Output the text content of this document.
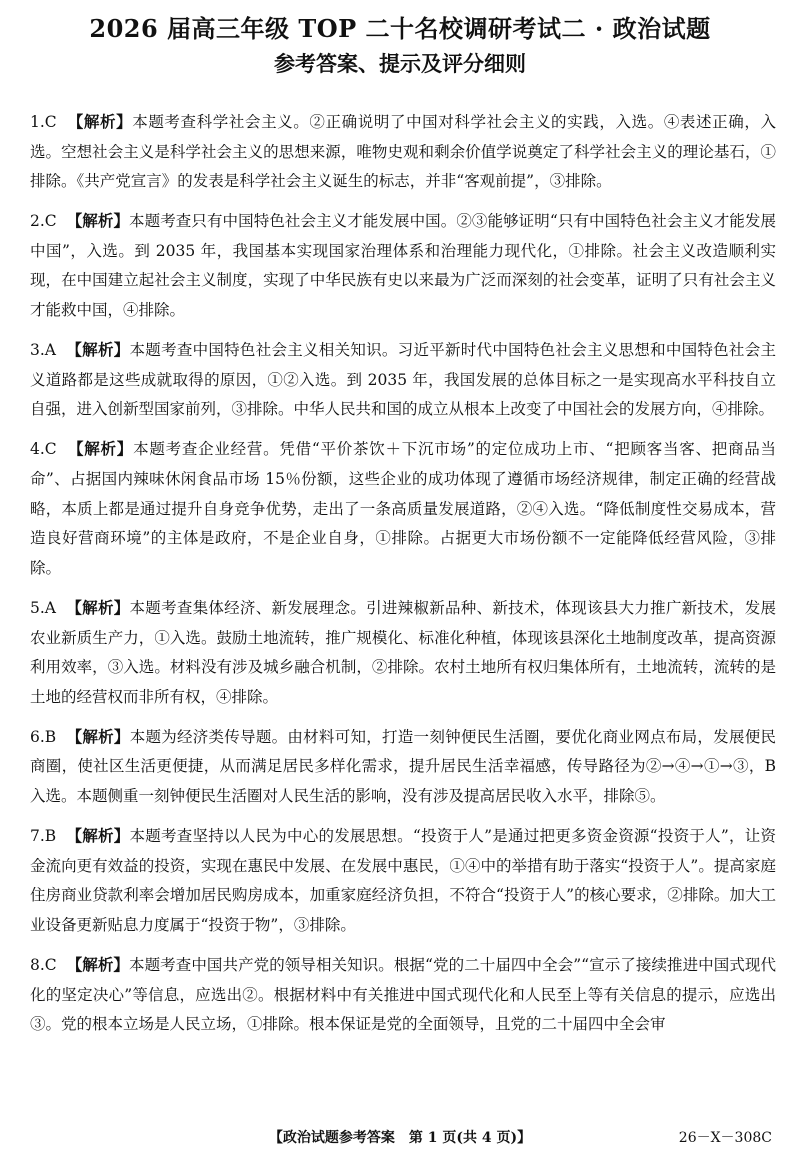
2026 届高三年级 TOP 二十名校调研考试二 · 政治试题
参考答案、提示及评分细则
1.C 【解析】本题考查科学社会主义。②正确说明了中国对科学社会主义的实践，入选。④表述正确，入选。空想社会主义是科学社会主义的思想来源，唯物史观和剩余价值学说奠定了科学社会主义的理论基石，①排除。《共产党宣言》的发表是科学社会主义诞生的标志，并非“客观前提”，③排除。
2.C 【解析】本题考查只有中国特色社会主义才能发展中国。②③能够证明“只有中国特色社会主义才能发展中国”，入选。到 2035 年，我国基本实现国家治理体系和治理能力现代化，①排除。社会主义改造顺利实现，在中国建立起社会主义制度，实现了中华民族有史以来最为广泛而深刻的社会变革，证明了只有社会主义才能救中国，④排除。
3.A 【解析】本题考查中国特色社会主义相关知识。习近平新时代中国特色社会主义思想和中国特色社会主义道路都是这些成就取得的原因，①②入选。到 2035 年，我国发展的总体目标之一是实现高水平科技自立自强，进入创新型国家前列，③排除。中华人民共和国的成立从根本上改变了中国社会的发展方向，④排除。
4.C 【解析】本题考查企业经营。凭借“平价茶饮＋下沉市场”的定位成功上市、“把顾客当客、把商品当命”、占据国内辣味休闲食品市场 15％份额，这些企业的成功体现了遵循市场经济规律，制定正确的经营战略，本质上都是通过提升自身竞争优势，走出了一条高质量发展道路，②④入选。“降低制度性交易成本，营造良好营商环境”的主体是政府，不是企业自身，①排除。占据更大市场份额不一定能降低经营风险，③排除。
5.A 【解析】本题考查集体经济、新发展理念。引进辣椒新品种、新技术，体现该县大力推广新技术，发展农业新质生产力，①入选。鼓励土地流转，推广规模化、标准化种植，体现该县深化土地制度改革，提高资源利用效率，③入选。材料没有涉及城乡融合机制，②排除。农村土地所有权归集体所有，土地流转，流转的是土地的经营权而非所有权，④排除。
6.B 【解析】本题为经济类传导题。由材料可知，打造一刻钟便民生活圈，要优化商业网点布局，发展便民商圈，使社区生活更便捷，从而满足居民多样化需求，提升居民生活幸福感，传导路径为②→④→①→③，B 入选。本题侧重一刻钟便民生活圈对人民生活的影响，没有涉及提高居民收入水平，排除⑤。
7.B 【解析】本题考查坚持以人民为中心的发展思想。“投资于人”是通过把更多资金资源“投资于人”，让资金流向更有效益的投资，实现在惠民中发展、在发展中惠民，①④中的举措有助于落实“投资于人”。提高家庭住房商业贷款利率会增加居民购房成本，加重家庭经济负担，不符合“投资于人”的核心要求，②排除。加大工业设备更新贴息力度属于“投资于物”，③排除。
8.C 【解析】本题考查中国共产党的领导相关知识。根据“党的二十届四中全会”“宣示了接续推进中国式现代化的坚定决心”等信息，应选出②。根据材料中有关推进中国式现代化和人民至上等有关信息的提示，应选出③。党的根本立场是人民立场，①排除。根本保证是党的全面领导，且党的二十届四中全会审
【政治试题参考答案　第 1 页(共 4 页)】	26－X－308C
